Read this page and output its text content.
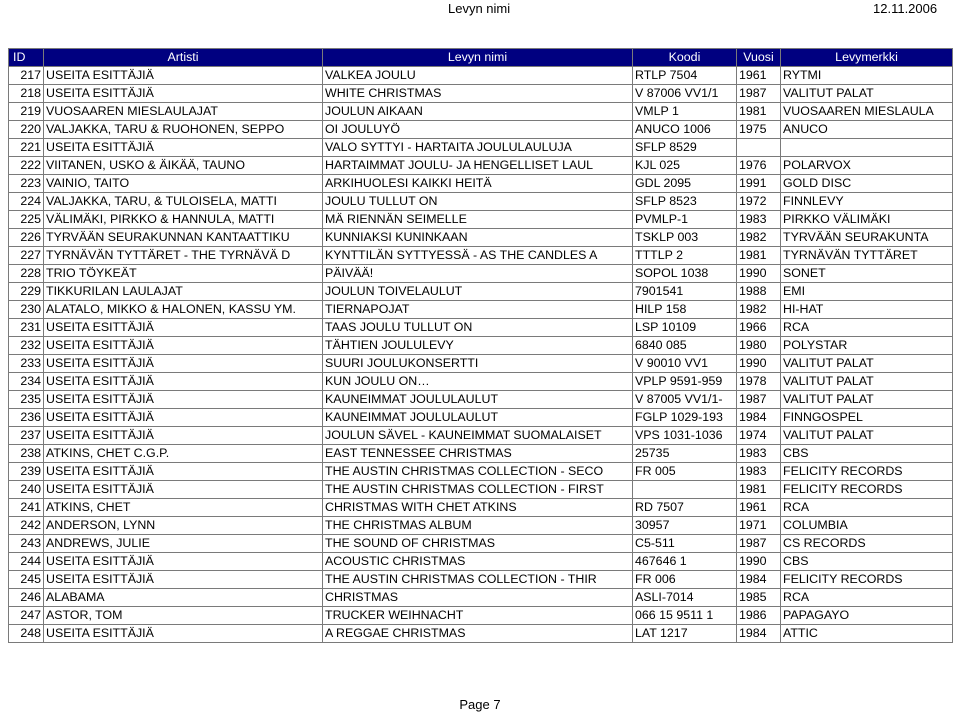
Levyn nimi	12.11.2006
ID	Artisti	Levyn nimi	Koodi	Vuosi	Levymerkki
217	USEITA ESITTÄJIÄ	VALKEA JOULU	RTLP 7504	1961	RYTMI
218	USEITA ESITTÄJIÄ	WHITE CHRISTMAS	V 87006 VV1/1	1987	VALITUT PALAT
219	VUOSAAREN MIESLAULAJAT	JOULUN AIKAAN	VMLP 1	1981	VUOSAAREN MIESLAULA
220	VALJAKKA, TARU & RUOHONEN, SEPPO	OI JOULUYÖ	ANUCO 1006	1975	ANUCO
221	USEITA ESITTÄJIÄ	VALO SYTTYI - HARTAITA JOULULAULUJA	SFLP 8529		
222	VIITANEN, USKO & ÄIKÄÄ, TAUNO	HARTAIMMAT JOULU- JA HENGELLISET LAUL	KJL 025	1976	POLARVOX
223	VAINIO, TAITO	ARKIHUOLESI KAIKKI HEITÄ	GDL 2095	1991	GOLD DISC
224	VALJAKKA, TARU, & TULOISELA, MATTI	JOULU TULLUT ON	SFLP 8523	1972	FINNLEVY
225	VÄLIMÄKI, PIRKKO & HANNULA, MATTI	MÄ RIENNÄN SEIMELLE	PVMLP-1	1983	PIRKKO VÄLIMÄKI
226	TYRVÄÄN SEURAKUNNAN KANTAATTIKU	KUNNIAKSI KUNINKAAN	TSKLP 003	1982	TYRVÄÄN SEURAKUNTA
227	TYRNÄVÄN TYTTÄRET - THE TYRNÄVÄ D	KYNTTILÄN SYTTYESSÄ - AS THE CANDLES A	TTTLP 2	1981	TYRNÄVÄN TYTTÄRET
228	TRIO TÖYKEÄT	PÄIVÄÄ!	SOPOL 1038	1990	SONET
229	TIKKURILAN LAULAJAT	JOULUN TOIVELAULUT	7901541	1988	EMI
230	ALATALO, MIKKO & HALONEN, KASSU YM.	TIERNAPOJAT	HILP 158	1982	HI-HAT
231	USEITA ESITTÄJIÄ	TAAS JOULU TULLUT ON	LSP 10109	1966	RCA
232	USEITA ESITTÄJIÄ	TÄHTIEN JOULULEVY	6840 085	1980	POLYSTAR
233	USEITA ESITTÄJIÄ	SUURI JOULUKONSERTTI	V 90010 VV1	1990	VALITUT PALAT
234	USEITA ESITTÄJIÄ	KUN JOULU ON…	VPLP 9591-959	1978	VALITUT PALAT
235	USEITA ESITTÄJIÄ	KAUNEIMMAT JOULULAULUT	V 87005 VV1/1-	1987	VALITUT PALAT
236	USEITA ESITTÄJIÄ	KAUNEIMMAT JOULULAULUT	FGLP 1029-193	1984	FINNGOSPEL
237	USEITA ESITTÄJIÄ	JOULUN SÄVEL - KAUNEIMMAT SUOMALAISET	VPS 1031-1036	1974	VALITUT PALAT
238	ATKINS, CHET C.G.P.	EAST TENNESSEE CHRISTMAS	25735	1983	CBS
239	USEITA ESITTÄJIÄ	THE AUSTIN CHRISTMAS COLLECTION - SECO	FR 005	1983	FELICITY RECORDS
240	USEITA ESITTÄJIÄ	THE AUSTIN CHRISTMAS COLLECTION - FIRST		1981	FELICITY RECORDS
241	ATKINS, CHET	CHRISTMAS WITH CHET ATKINS	RD 7507	1961	RCA
242	ANDERSON, LYNN	THE CHRISTMAS ALBUM	30957	1971	COLUMBIA
243	ANDREWS, JULIE	THE SOUND OF CHRISTMAS	C5-511	1987	CS RECORDS
244	USEITA ESITTÄJIÄ	ACOUSTIC CHRISTMAS	467646 1	1990	CBS
245	USEITA ESITTÄJIÄ	THE AUSTIN CHRISTMAS COLLECTION - THIR	FR 006	1984	FELICITY RECORDS
246	ALABAMA	CHRISTMAS	ASLI-7014	1985	RCA
247	ASTOR, TOM	TRUCKER WEIHNACHT	066 15 9511 1	1986	PAPAGAYO
248	USEITA ESITTÄJIÄ	A REGGAE CHRISTMAS	LAT 1217	1984	ATTIC
Page 7
